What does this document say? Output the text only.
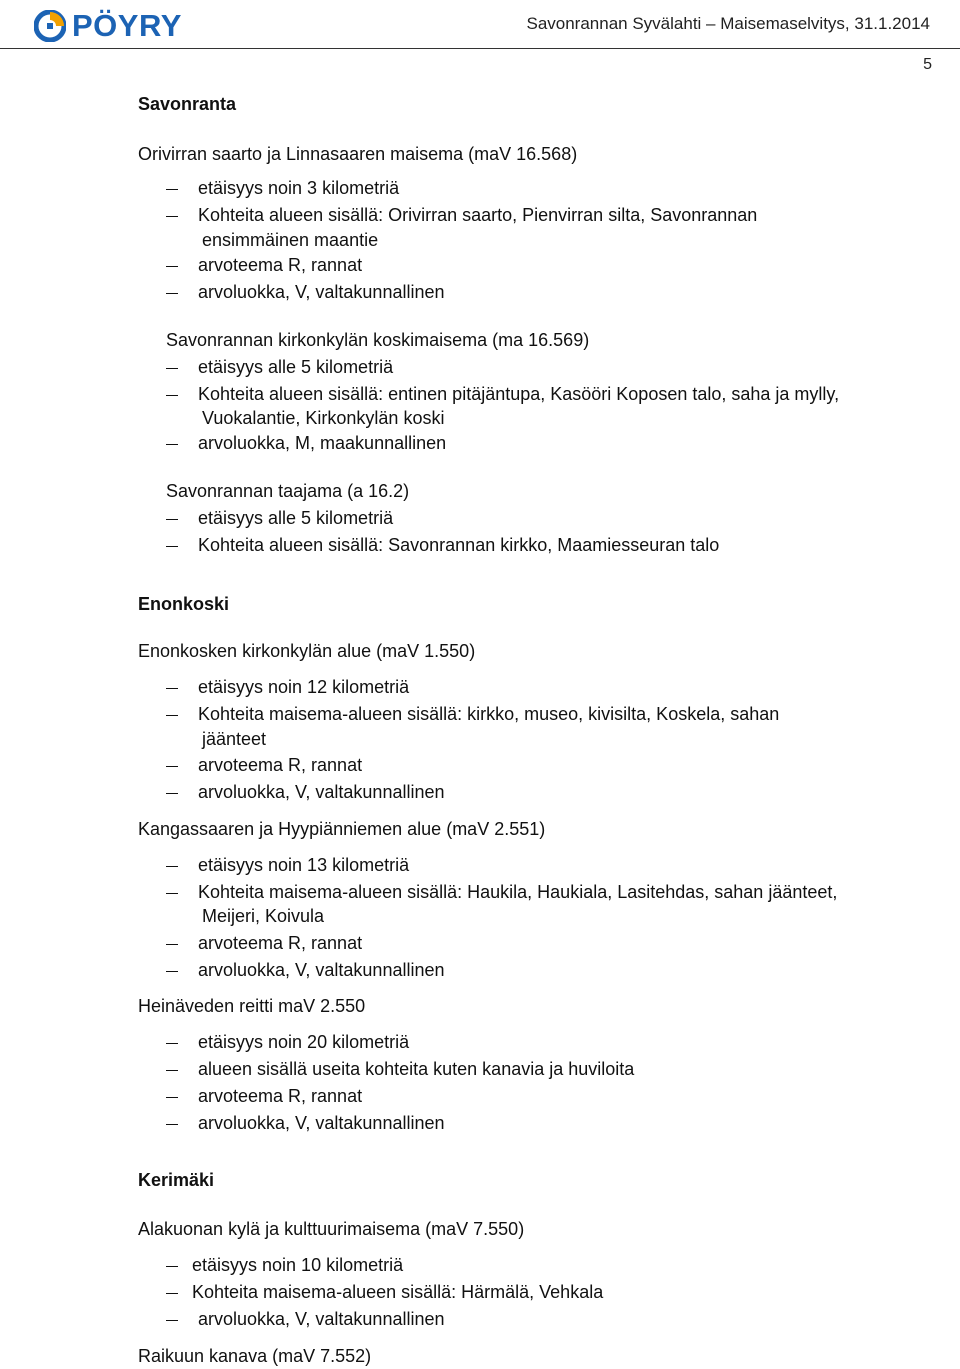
PÖYRY	Savonrannan Syvälahti – Maisemaselvitys, 31.1.2014
5
Savonranta
Orivirran saarto ja Linnasaaren maisema (maV 16.568)
etäisyys noin 3 kilometriä
Kohteita alueen sisällä: Orivirran saarto, Pienvirran silta, Savonrannan
ensimmäinen maantie
arvoteema R, rannat
arvoluokka, V, valtakunnallinen
Savonrannan kirkonkylän koskimaisema (ma 16.569)
etäisyys alle 5 kilometriä
Kohteita alueen sisällä: entinen pitäjäntupa, Kasööri Koposen talo, saha ja mylly,
Vuokalantie, Kirkonkylän koski
arvoluokka, M, maakunnallinen
Savonrannan taajama (a 16.2)
etäisyys alle 5 kilometriä
Kohteita alueen sisällä: Savonrannan kirkko, Maamiesseuran talo
Enonkoski
Enonkosken kirkonkylän alue (maV 1.550)
etäisyys noin 12 kilometriä
Kohteita maisema-alueen sisällä: kirkko, museo, kivisilta, Koskela, sahan
jäänteet
arvoteema R, rannat
arvoluokka, V, valtakunnallinen
Kangassaaren ja Hyypiänniemen alue (maV 2.551)
etäisyys noin 13 kilometriä
Kohteita maisema-alueen sisällä: Haukila, Haukiala, Lasitehdas, sahan jäänteet,
Meijeri, Koivula
arvoteema R, rannat
arvoluokka, V, valtakunnallinen
Heinäveden reitti maV 2.550
etäisyys noin 20 kilometriä
alueen sisällä useita kohteita kuten kanavia ja huviloita
arvoteema R, rannat
arvoluokka, V, valtakunnallinen
Kerimäki
Alakuonan kylä ja kulttuurimaisema (maV 7.550)
etäisyys noin 10 kilometriä
Kohteita maisema-alueen sisällä: Härmälä, Vehkala
arvoluokka, V, valtakunnallinen
Raikuun kanava (maV 7.552)
